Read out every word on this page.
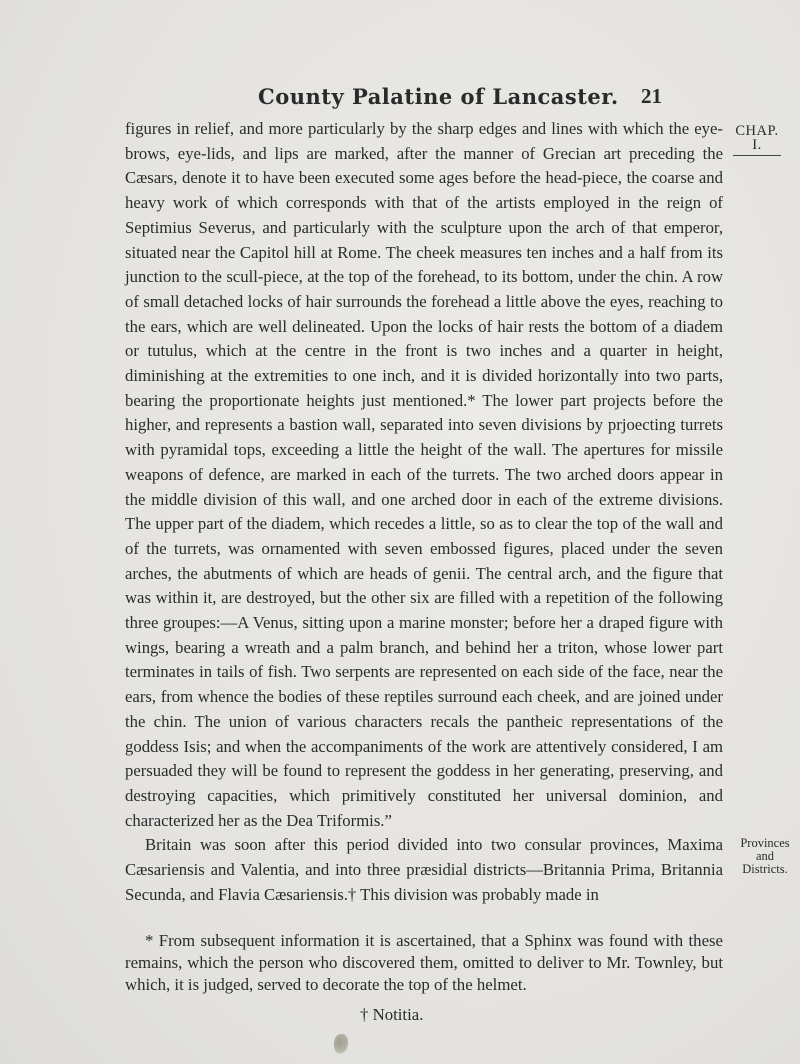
County Palatine of Lancaster. 21
CHAP.
I.

figures in relief, and more particularly by the sharp edges and lines with which the eye-brows, eye-lids, and lips are marked, after the manner of Grecian art preceding the Cæsars, denote it to have been executed some ages before the head-piece, the coarse and heavy work of which corresponds with that of the artists employed in the reign of Septimius Severus, and particularly with the sculpture upon the arch of that emperor, situated near the Capitol hill at Rome. The cheek measures ten inches and a half from its junction to the scull-piece, at the top of the forehead, to its bottom, under the chin. A row of small detached locks of hair surrounds the forehead a little above the eyes, reaching to the ears, which are well delineated. Upon the locks of hair rests the bottom of a diadem or tutulus, which at the centre in the front is two inches and a quarter in height, diminishing at the extremities to one inch, and it is divided horizontally into two parts, bearing the proportionate heights just mentioned.* The lower part projects before the higher, and represents a bastion wall, separated into seven divisions by prjoecting turrets with pyramidal tops, exceeding a little the height of the wall. The apertures for missile weapons of defence, are marked in each of the turrets. The two arched doors appear in the middle division of this wall, and one arched door in each of the extreme divisions. The upper part of the diadem, which recedes a little, so as to clear the top of the wall and of the turrets, was ornamented with seven embossed figures, placed under the seven arches, the abutments of which are heads of genii. The central arch, and the figure that was within it, are destroyed, but the other six are filled with a repetition of the following three groupes:—A Venus, sitting upon a marine monster; before her a draped figure with wings, bearing a wreath and a palm branch, and behind her a triton, whose lower part terminates in tails of fish. Two serpents are represented on each side of the face, near the ears, from whence the bodies of these reptiles surround each cheek, and are joined under the chin. The union of various characters recals the pantheic representations of the goddess Isis; and when the accompaniments of the work are attentively considered, I am persuaded they will be found to represent the goddess in her generating, preserving, and destroying capacities, which primitively constituted her universal dominion, and characterized her as the Dea Triformis.”

Britain was soon after this period divided into two consular provinces, Maxima Cæsariensis and Valentia, and into three præsidial districts—Britannia Prima, Britannia Secunda, and Flavia Cæsariensis.† This division was probably made in

Provinces
and
Districts.
* From subsequent information it is ascertained, that a Sphinx was found with these remains, which the person who discovered them, omitted to deliver to Mr. Townley, but which, it is judged, served to decorate the top of the helmet.
† Notitia.
